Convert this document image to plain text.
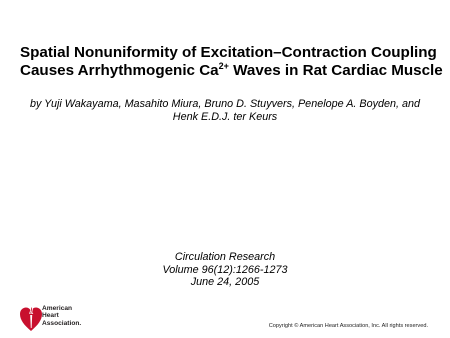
Spatial Nonuniformity of Excitation–Contraction Coupling
Causes Arrhythmogenic $Ca^{2+}$ Waves in Rat Cardiac Muscle
by Yuji Wakayama, Masahito Miura, Bruno D. Stuyvers, Penelope A. Boyden, and
Henk E.D.J. ter Keurs
Circulation Research
Volume 96(12):1266-1273
June 24, 2005
American
Heart
Association.	Copyright © American Heart Association, Inc. All rights reserved.
